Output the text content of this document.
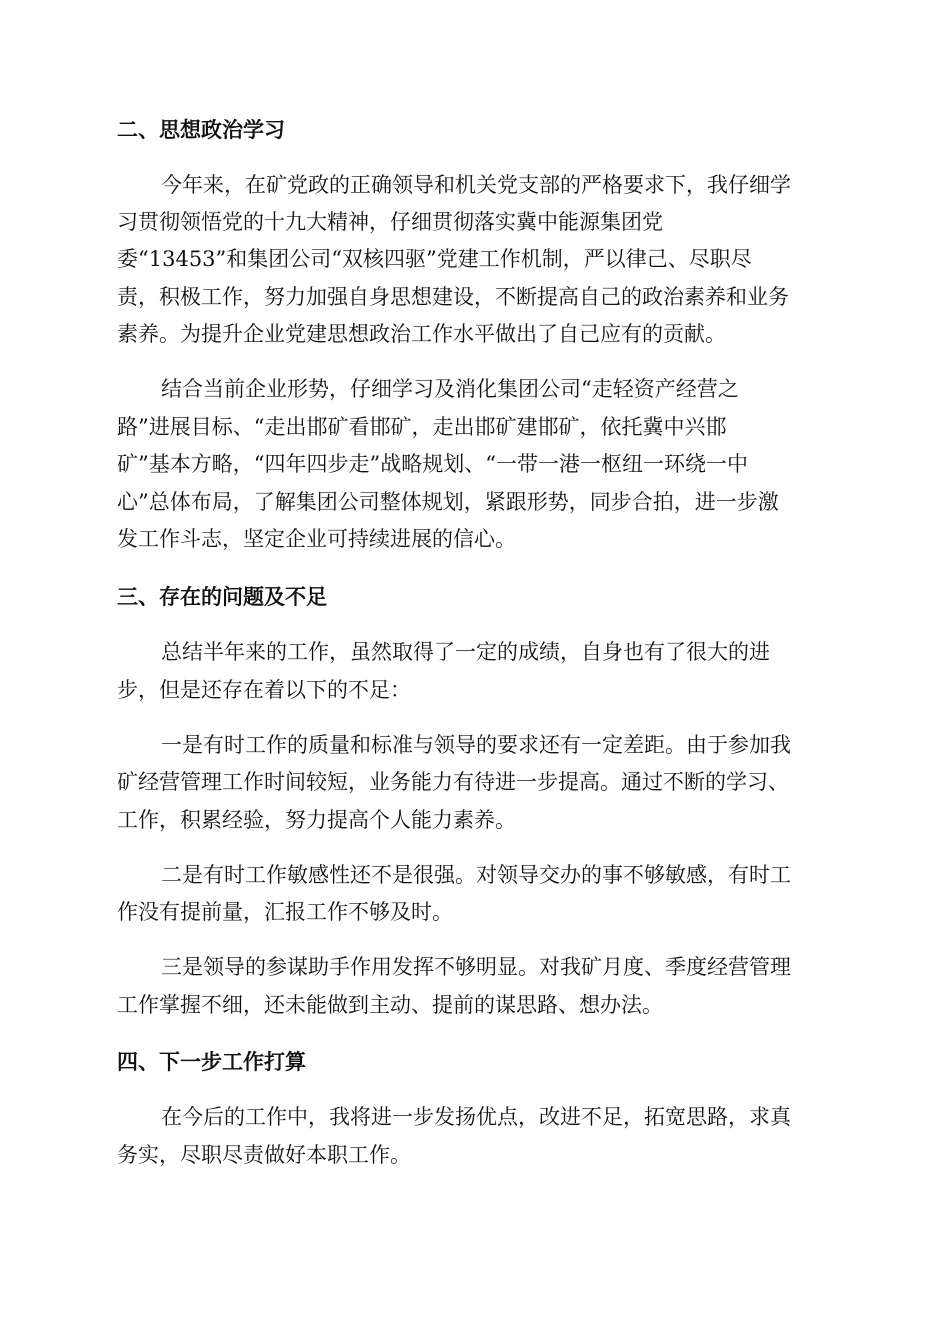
二、思想政治学习

今年来，在矿党政的正确领导和机关党支部的严格要求下，我仔细学

习贯彻领悟党的十九大精神，仔细贯彻落实冀中能源集团党

委“13453”和集团公司“双核四驱”党建工作机制，严以律己、尽职尽

责，积极工作，努力加强自身思想建设，不断提高自己的政治素养和业务

素养。为提升企业党建思想政治工作水平做出了自己应有的贡献。

结合当前企业形势，仔细学习及消化集团公司“走轻资产经营之

路”进展目标、“走出邯矿看邯矿，走出邯矿建邯矿，依托冀中兴邯

矿”基本方略，“四年四步走”战略规划、“一带一港一枢纽一环绕一中

心”总体布局，了解集团公司整体规划，紧跟形势，同步合拍，进一步激

发工作斗志，坚定企业可持续进展的信心。

三、存在的问题及不足

总结半年来的工作，虽然取得了一定的成绩，自身也有了很大的进

步，但是还存在着以下的不足：

一是有时工作的质量和标准与领导的要求还有一定差距。由于参加我

矿经营管理工作时间较短，业务能力有待进一步提高。通过不断的学习、

工作，积累经验，努力提高个人能力素养。

二是有时工作敏感性还不是很强。对领导交办的事不够敏感，有时工

作没有提前量，汇报工作不够及时。

三是领导的参谋助手作用发挥不够明显。对我矿月度、季度经营管理

工作掌握不细，还未能做到主动、提前的谋思路、想办法。

四、下一步工作打算

在今后的工作中，我将进一步发扬优点，改进不足，拓宽思路，求真

务实，尽职尽责做好本职工作。
